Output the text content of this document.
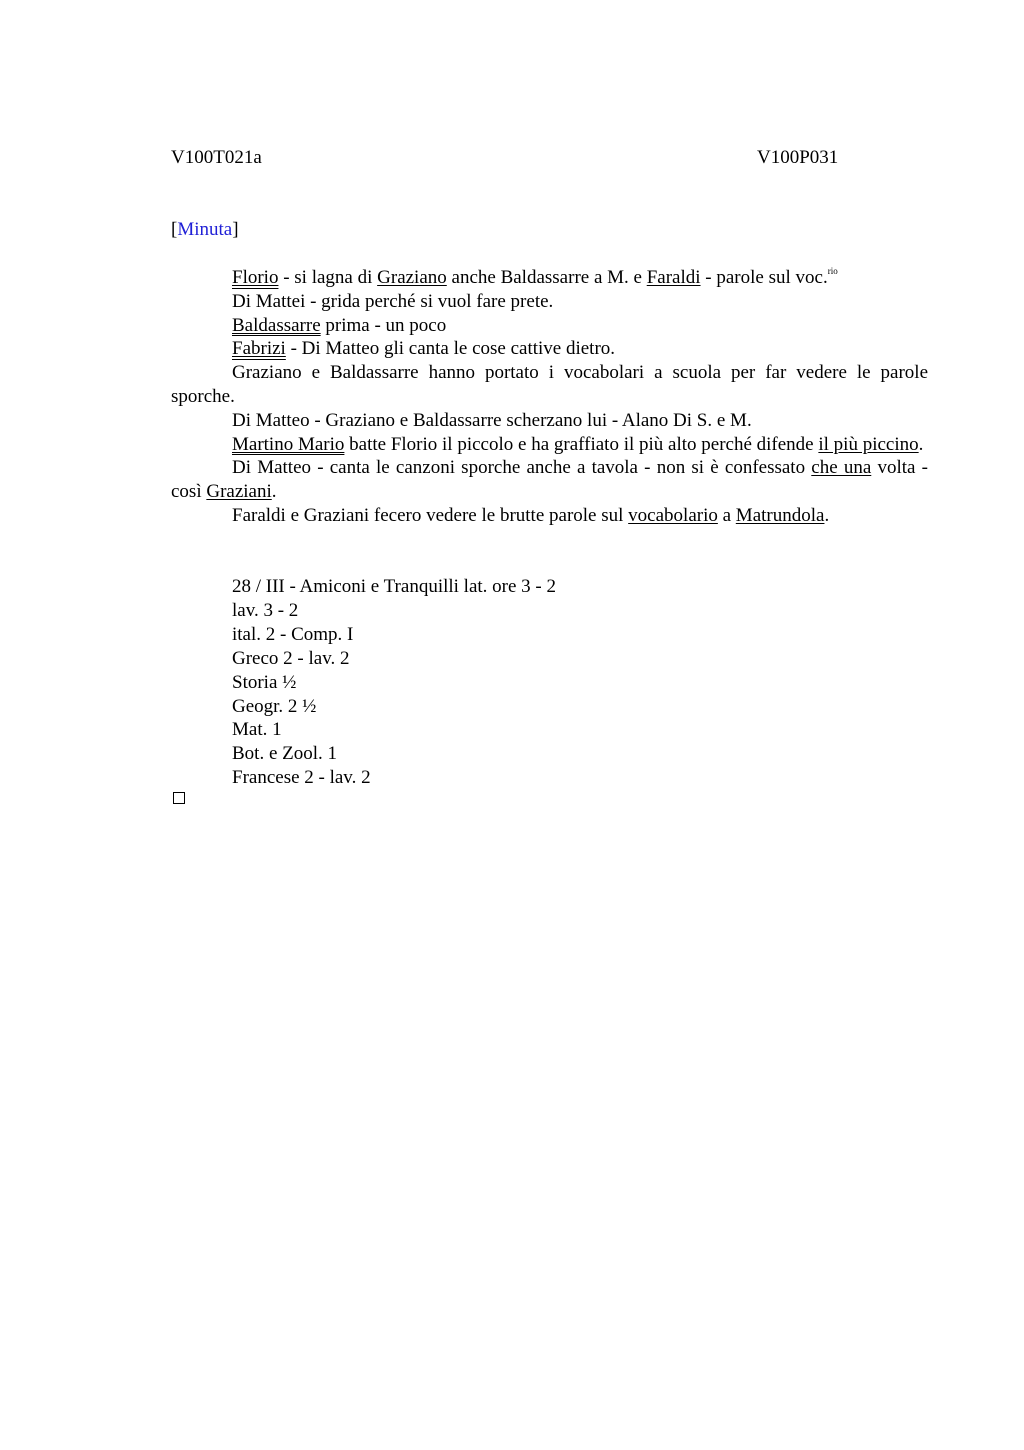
V100T021a	V100P031
[Minuta]

Florio - si lagna di Graziano anche Baldassarre a M. e Faraldi - parole sul voc.$^{rio}$

Di Mattei - grida perché si vuol fare prete.

Baldassarre prima - un poco

Fabrizi - Di Matteo gli canta le cose cattive dietro.

Graziano e Baldassarre hanno portato i vocabolari a scuola per far vedere le parole sporche.

Di Matteo - Graziano e Baldassarre scherzano lui - Alano Di S. e M.

Martino Mario batte Florio il piccolo e ha graffiato il più alto perché difende il più piccino.

Di Matteo - canta le canzoni sporche anche a tavola - non si è confessato che una volta - così Graziani.

Faraldi e Graziani fecero vedere le brutte parole sul vocabolario a Matrundola.

28 / III - Amiconi e Tranquilli lat. ore 3 - 2
lav. 3 - 2
ital. 2 - Comp. I
Greco 2 - lav. 2
Storia ½
Geogr. 2 ½
Mat. 1
Bot. e Zool. 1
Francese 2 - lav. 2
